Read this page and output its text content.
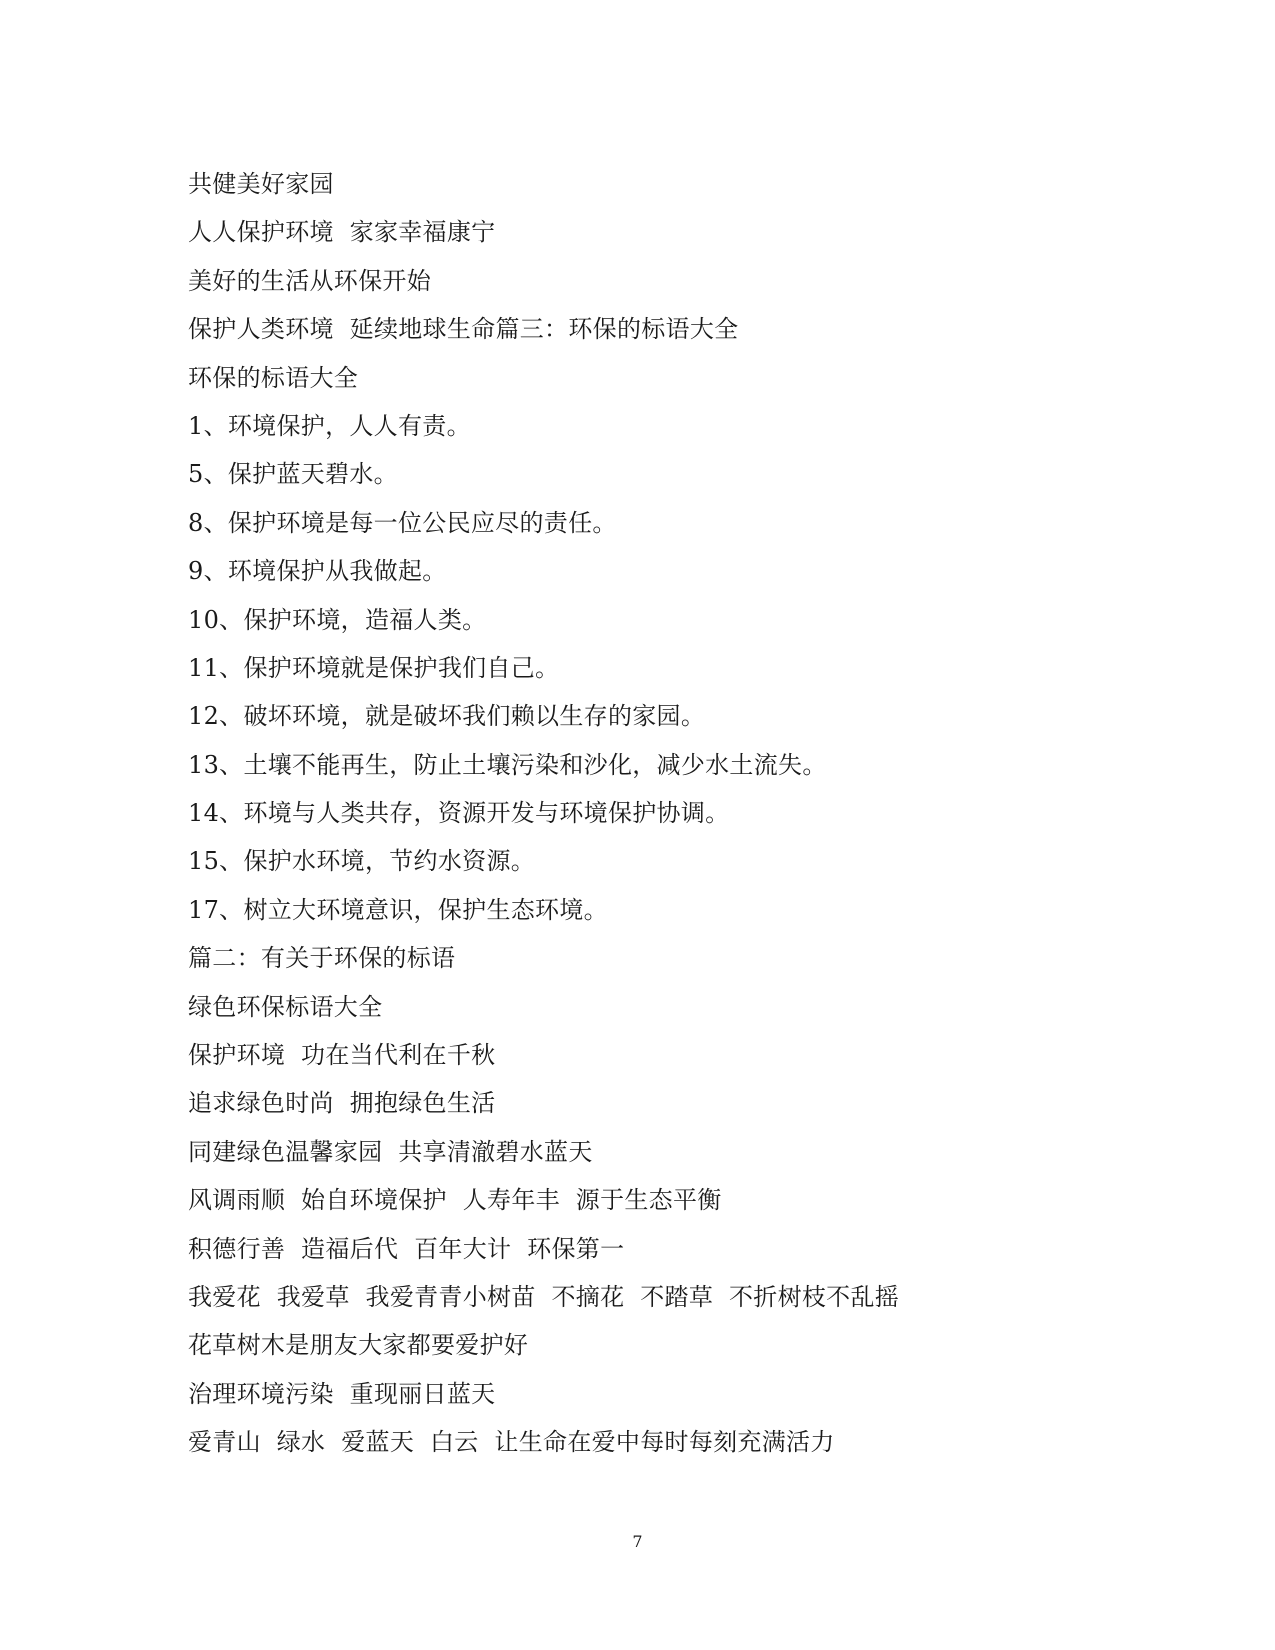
共健美好家园
人人保护环境  家家幸福康宁
美好的生活从环保开始
保护人类环境  延续地球生命篇三：环保的标语大全
环保的标语大全
1、环境保护，人人有责。
5、保护蓝天碧水。
8、保护环境是每一位公民应尽的责任。
9、环境保护从我做起。
10、保护环境，造福人类。
11、保护环境就是保护我们自己。
12、破坏环境，就是破坏我们赖以生存的家园。
13、土壤不能再生，防止土壤污染和沙化，减少水土流失。
14、环境与人类共存，资源开发与环境保护协调。
15、保护水环境，节约水资源。
17、树立大环境意识，保护生态环境。
篇二：有关于环保的标语
绿色环保标语大全
保护环境  功在当代利在千秋
追求绿色时尚  拥抱绿色生活
同建绿色温馨家园  共享清澈碧水蓝天
风调雨顺  始自环境保护  人寿年丰  源于生态平衡
积德行善  造福后代  百年大计  环保第一
我爱花  我爱草  我爱青青小树苗  不摘花  不踏草  不折树枝不乱摇
花草树木是朋友大家都要爱护好
治理环境污染  重现丽日蓝天
爱青山  绿水  爱蓝天  白云  让生命在爱中每时每刻充满活力
7
